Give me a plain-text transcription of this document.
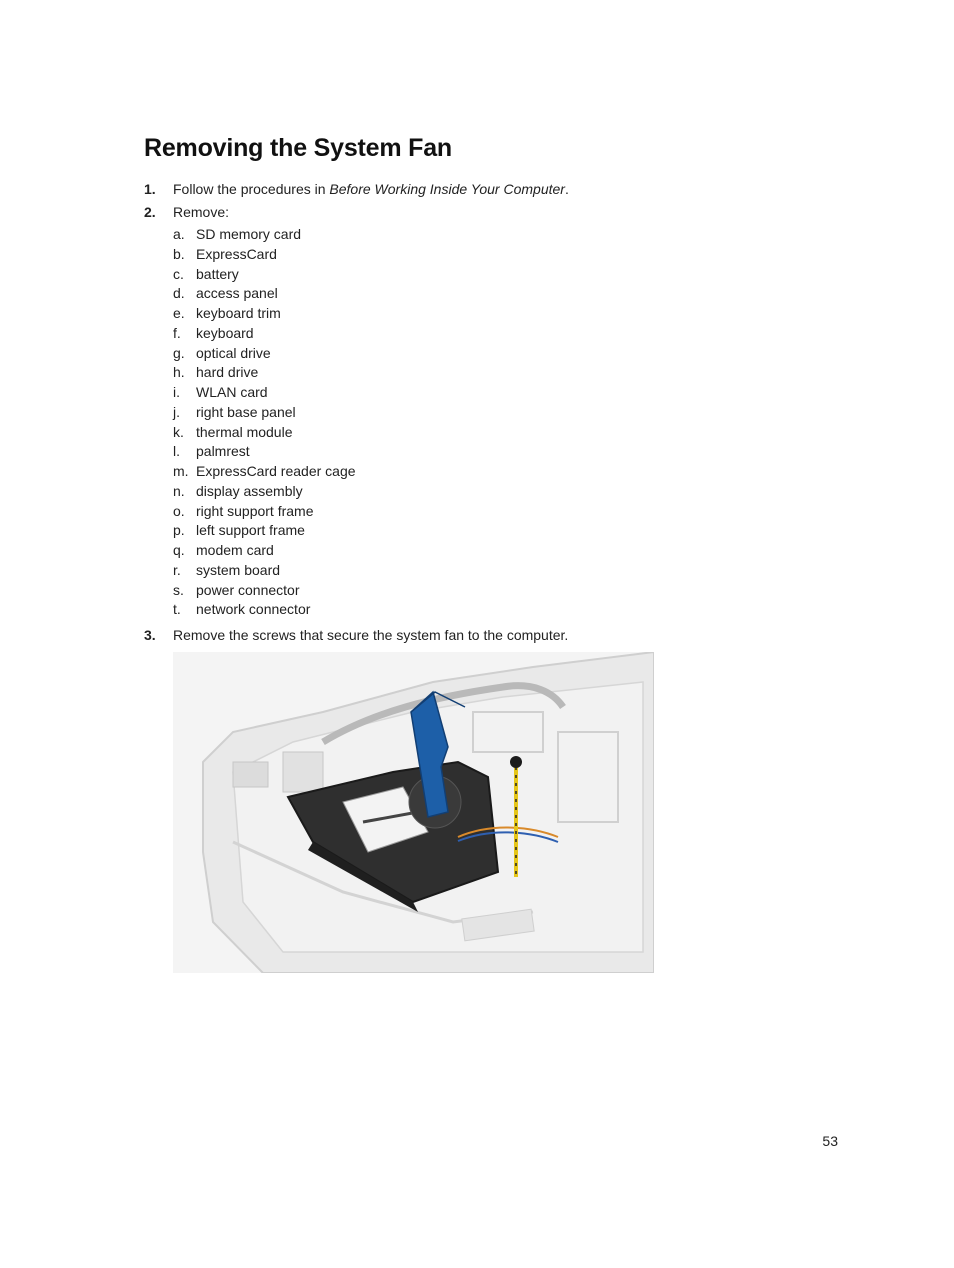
Removing the System Fan
1. Follow the procedures in Before Working Inside Your Computer.
2. Remove:
a. SD memory card
b. ExpressCard
c. battery
d. access panel
e. keyboard trim
f. keyboard
g. optical drive
h. hard drive
i. WLAN card
j. right base panel
k. thermal module
l. palmrest
m. ExpressCard reader cage
n. display assembly
o. right support frame
p. left support frame
q. modem card
r. system board
s. power connector
t. network connector
3. Remove the screws that secure the system fan to the computer.
53
